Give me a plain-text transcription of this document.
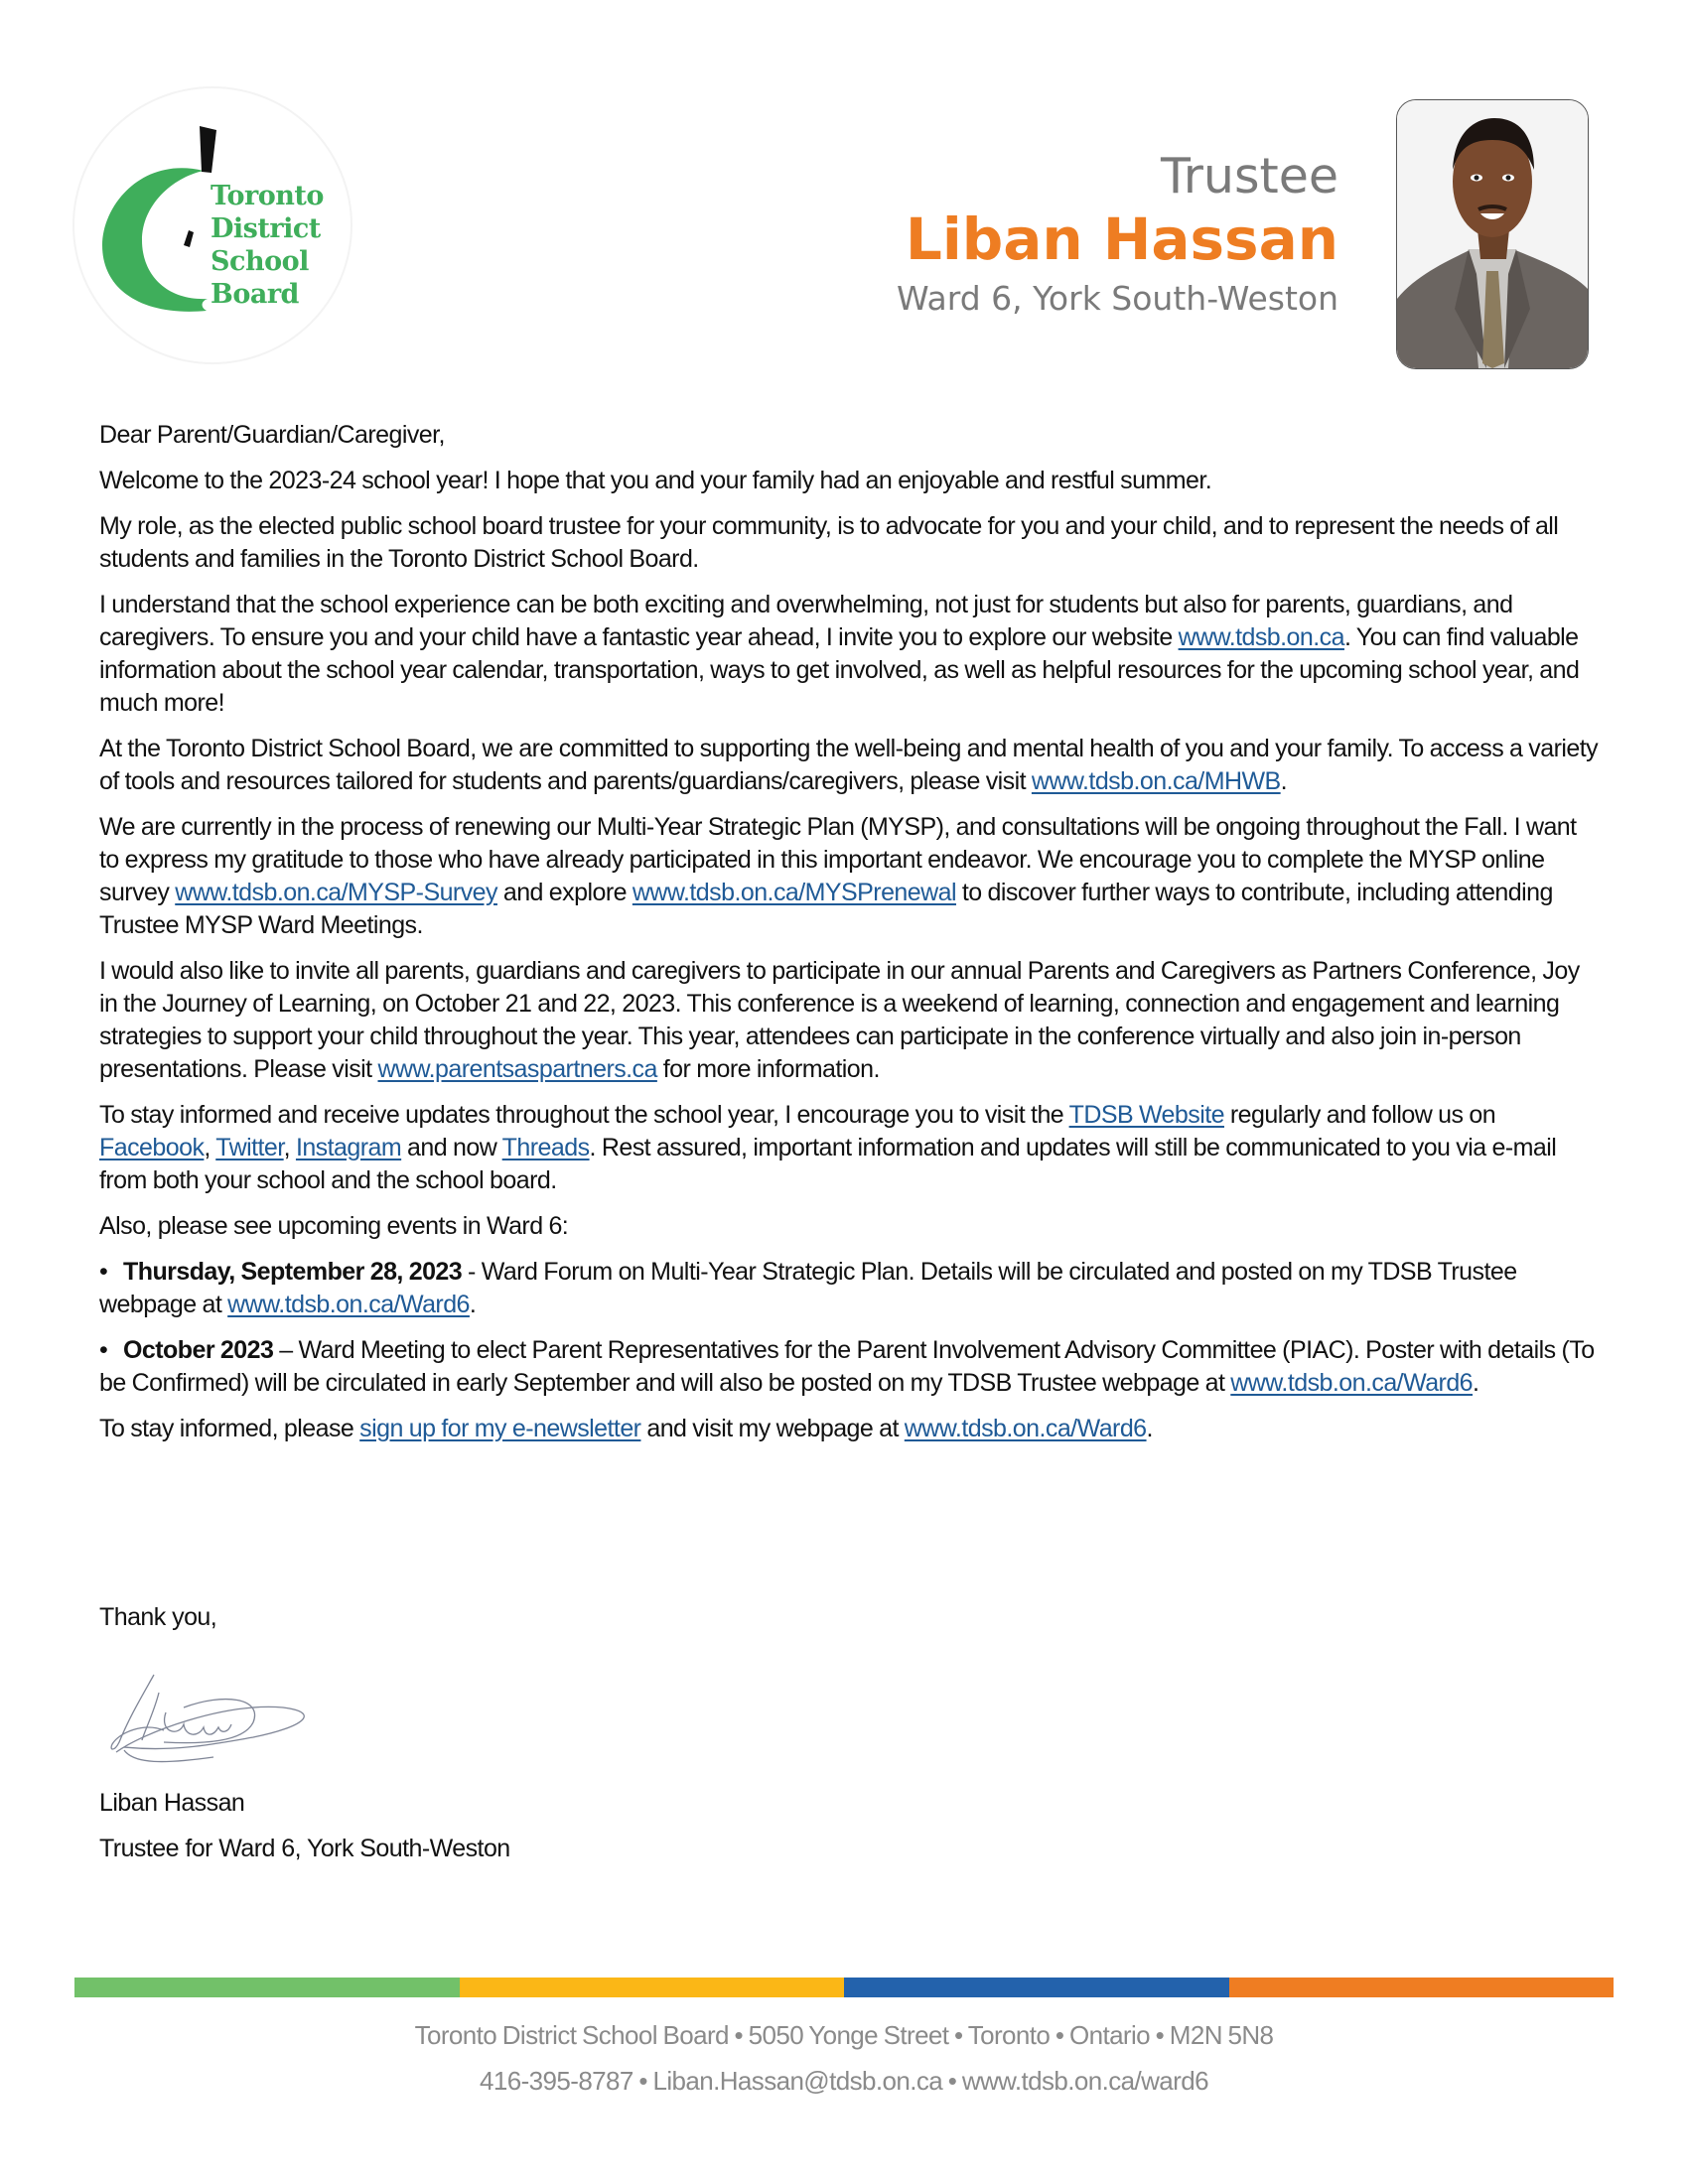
Toronto
District
School
Board
Trustee
Liban Hassan
Ward 6, York South-Weston

Dear Parent/Guardian/Caregiver,

Welcome to the 2023-24 school year! I hope that you and your family had an enjoyable and restful summer.

My role, as the elected public school board trustee for your community, is to advocate for you and your child, and to represent the needs of all students and families in the Toronto District School Board.

I understand that the school experience can be both exciting and overwhelming, not just for students but also for parents, guardians, and caregivers. To ensure you and your child have a fantastic year ahead, I invite you to explore our website www.tdsb.on.ca. You can find valuable information about the school year calendar, transportation, ways to get involved, as well as helpful resources for the upcoming school year, and much more!

At the Toronto District School Board, we are committed to supporting the well-being and mental health of you and your family. To access a variety of tools and resources tailored for students and parents/guardians/caregivers, please visit www.tdsb.on.ca/MHWB.

We are currently in the process of renewing our Multi-Year Strategic Plan (MYSP), and consultations will be ongoing throughout the Fall. I want to express my gratitude to those who have already participated in this important endeavor. We encourage you to complete the MYSP online survey www.tdsb.on.ca/MYSP-Survey and explore www.tdsb.on.ca/MYSPrenewal to discover further ways to contribute, including attending Trustee MYSP Ward Meetings.

I would also like to invite all parents, guardians and caregivers to participate in our annual Parents and Caregivers as Partners Conference, Joy in the Journey of Learning, on October 21 and 22, 2023. This conference is a weekend of learning, connection and engagement and learning strategies to support your child throughout the year. This year, attendees can participate in the conference virtually and also join in-person presentations. Please visit www.parentsaspartners.ca for more information.

To stay informed and receive updates throughout the school year, I encourage you to visit the TDSB Website regularly and follow us on Facebook, Twitter, Instagram and now Threads. Rest assured, important information and updates will still be communicated to you via e-mail from both your school and the school board.

Also, please see upcoming events in Ward 6:

• Thursday, September 28, 2023 - Ward Forum on Multi-Year Strategic Plan. Details will be circulated and posted on my TDSB Trustee webpage at www.tdsb.on.ca/Ward6.

• October 2023 – Ward Meeting to elect Parent Representatives for the Parent Involvement Advisory Committee (PIAC). Poster with details (To be Confirmed) will be circulated in early September and will also be posted on my TDSB Trustee webpage at www.tdsb.on.ca/Ward6.

To stay informed, please sign up for my e-newsletter and visit my webpage at www.tdsb.on.ca/Ward6.

Thank you,
Liban Hassan
Trustee for Ward 6, York South-Weston
Toronto District School Board • 5050 Yonge Street • Toronto • Ontario • M2N 5N8
416-395-8787 • Liban.Hassan@tdsb.on.ca • www.tdsb.on.ca/ward6
